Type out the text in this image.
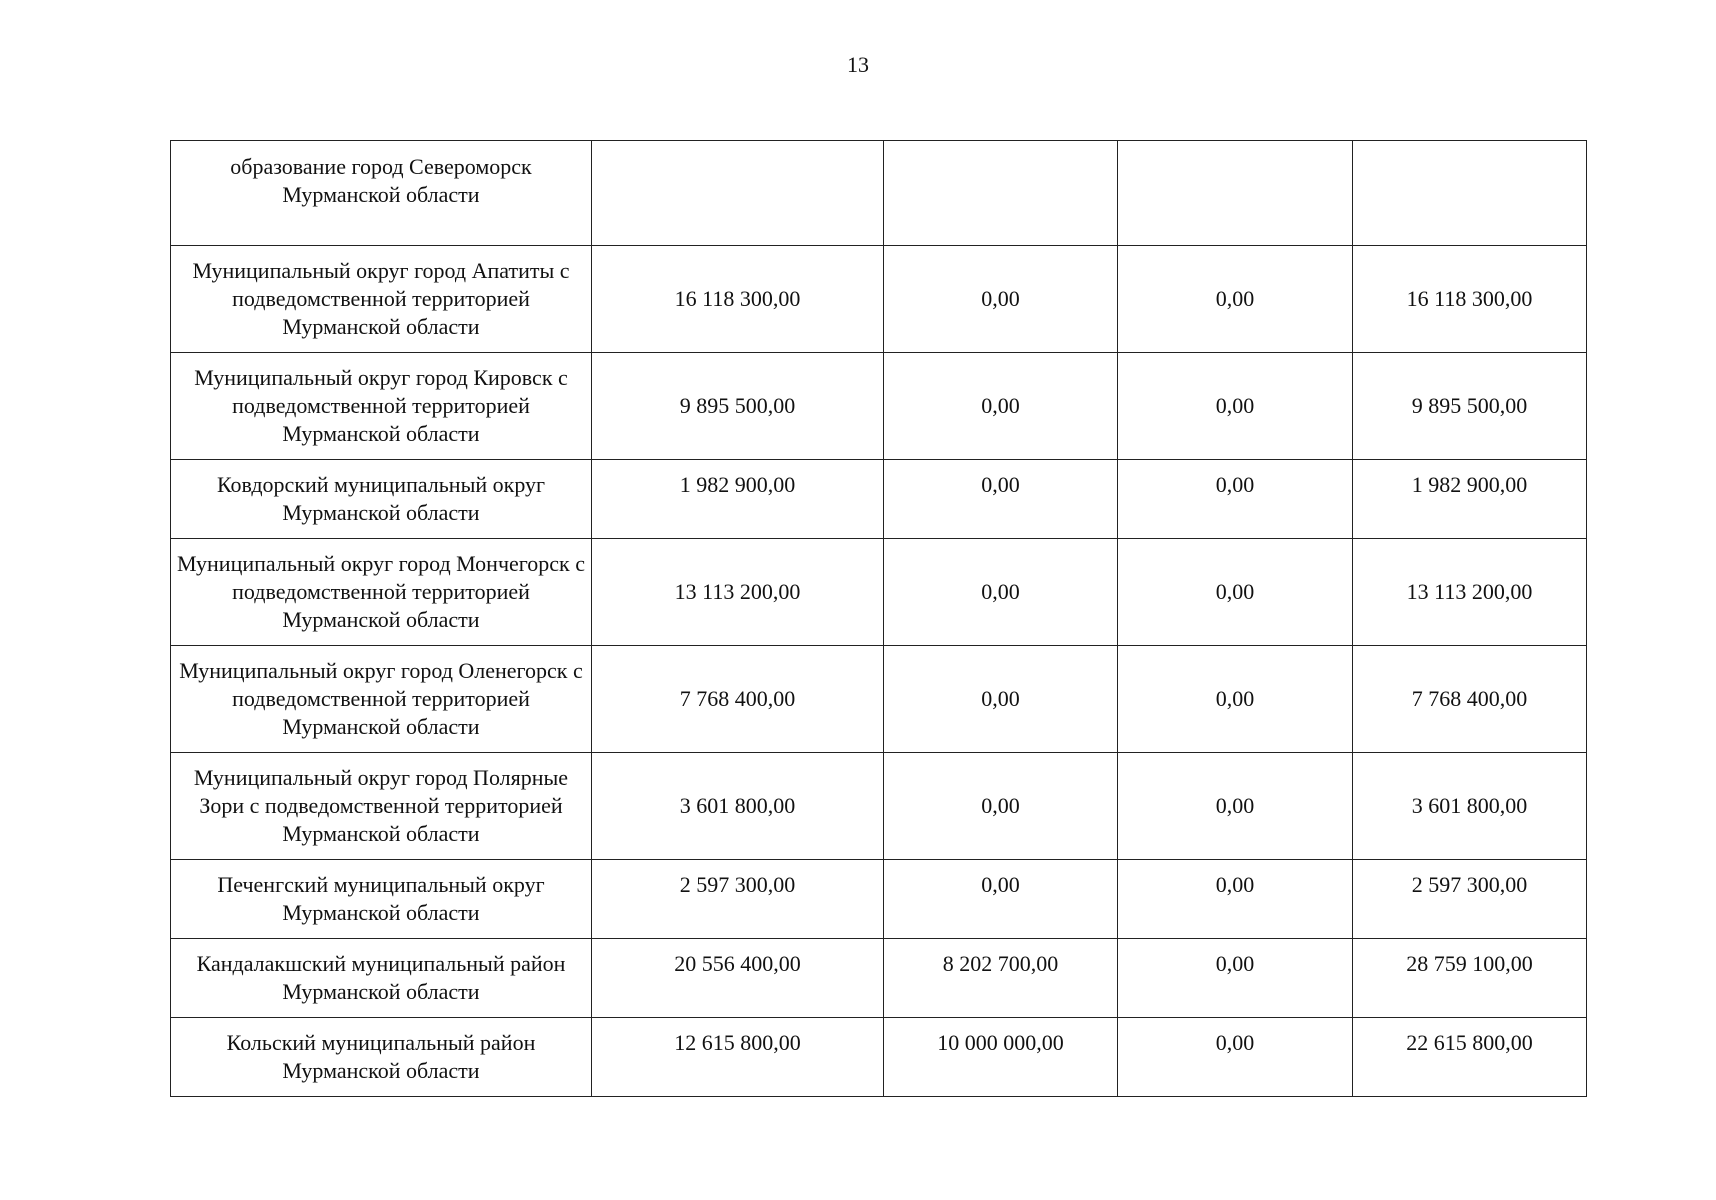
13
образование город Североморск
Мурманской области				
Муниципальный округ город Апатиты с подведомственной территорией Мурманской области	16 118 300,00	0,00	0,00	16 118 300,00
Муниципальный округ город Кировск с подведомственной территорией Мурманской области	9 895 500,00	0,00	0,00	9 895 500,00
Ковдорский муниципальный округ Мурманской области	1 982 900,00	0,00	0,00	1 982 900,00
Муниципальный округ город Мончегорск с подведомственной территорией Мурманской области	13 113 200,00	0,00	0,00	13 113 200,00
Муниципальный округ город Оленегорск с подведомственной территорией Мурманской области	7 768 400,00	0,00	0,00	7 768 400,00
Муниципальный округ город Полярные Зори с подведомственной территорией Мурманской области	3 601 800,00	0,00	0,00	3 601 800,00
Печенгский муниципальный округ Мурманской области	2 597 300,00	0,00	0,00	2 597 300,00
Кандалакшский муниципальный район Мурманской области	20 556 400,00	8 202 700,00	0,00	28 759 100,00
Кольский муниципальный район Мурманской области	12 615 800,00	10 000 000,00	0,00	22 615 800,00
